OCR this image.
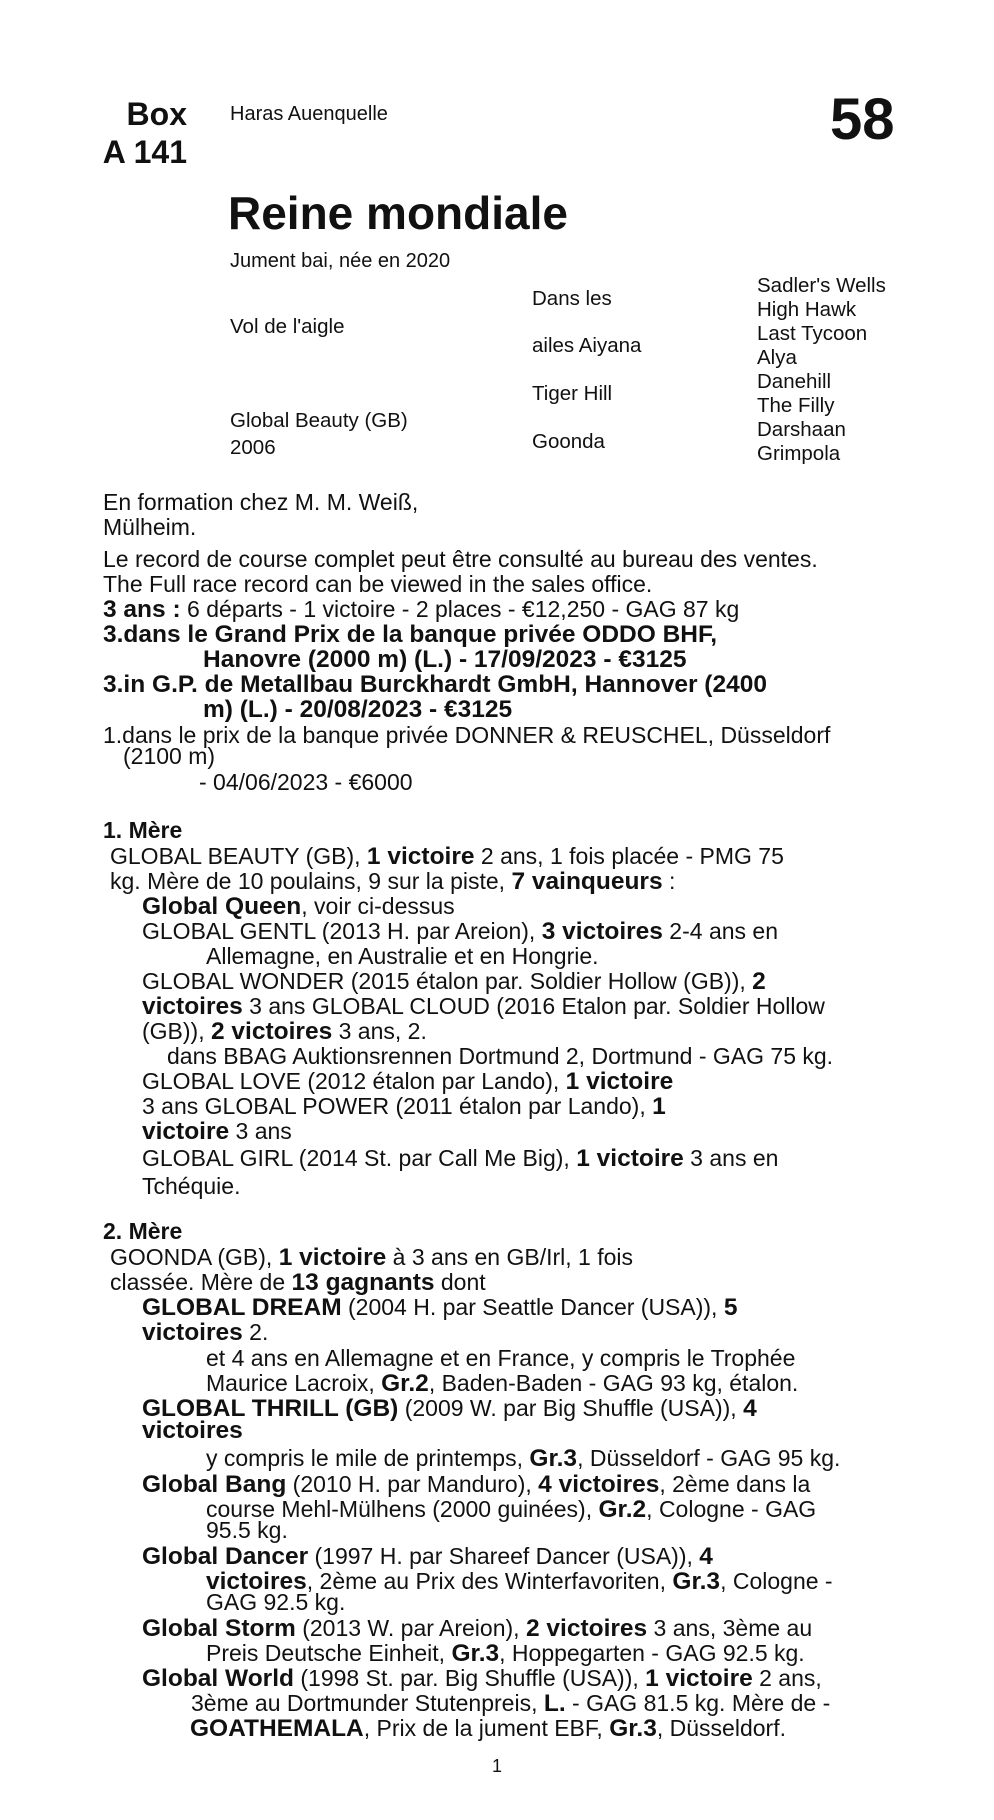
Box
A 141
Haras Auenquelle	58
Reine mondiale
Jument bai, née en 2020
Vol de l'aigle
Global Beauty (GB)
2006
Dans les
ailes Aiyana
Tiger Hill
Goonda
Sadler's Wells
High Hawk
Last Tycoon
Alya
Danehill
The Filly
Darshaan
Grimpola
En formation chez M. M. Weiß,
Mülheim.
Le record de course complet peut être consulté au bureau des ventes.
The Full race record can be viewed in the sales office.
3 ans : 6 départs - 1 victoire - 2 places - €12,250 - GAG 87 kg
3.dans le Grand Prix de la banque privée ODDO BHF,
Hanovre (2000 m) (L.) - 17/09/2023 - €3125
3.in G.P. de Metallbau Burckhardt GmbH, Hannover (2400
m) (L.) - 20/08/2023 - €3125
1.dans le prix de la banque privée DONNER & REUSCHEL, Düsseldorf
(2100 m)
- 04/06/2023 - €6000
1. Mère
GLOBAL BEAUTY (GB), 1 victoire 2 ans, 1 fois placée - PMG 75
kg. Mère de 10 poulains, 9 sur la piste, 7 vainqueurs :
Global Queen, voir ci-dessus
GLOBAL GENTL (2013 H. par Areion), 3 victoires 2-4 ans en
Allemagne, en Australie et en Hongrie.
GLOBAL WONDER (2015 étalon par. Soldier Hollow (GB)), 2
victoires 3 ans GLOBAL CLOUD (2016 Etalon par. Soldier Hollow
(GB)), 2 victoires 3 ans, 2.
dans BBAG Auktionsrennen Dortmund 2, Dortmund - GAG 75 kg.
GLOBAL LOVE (2012 étalon par Lando), 1 victoire
3 ans GLOBAL POWER (2011 étalon par Lando), 1
victoire 3 ans
GLOBAL GIRL (2014 St. par Call Me Big), 1 victoire 3 ans en
Tchéquie.
2. Mère
GOONDA (GB), 1 victoire à 3 ans en GB/Irl, 1 fois
classée. Mère de 13 gagnants dont
GLOBAL DREAM (2004 H. par Seattle Dancer (USA)), 5
victoires 2.
et 4 ans en Allemagne et en France, y compris le Trophée
Maurice Lacroix, Gr.2, Baden-Baden - GAG 93 kg, étalon.
GLOBAL THRILL (GB) (2009 W. par Big Shuffle (USA)), 4
victoires
y compris le mile de printemps, Gr.3, Düsseldorf - GAG 95 kg.
Global Bang (2010 H. par Manduro), 4 victoires, 2ème dans la
course Mehl-Mülhens (2000 guinées), Gr.2, Cologne - GAG
95.5 kg.
Global Dancer (1997 H. par Shareef Dancer (USA)), 4
victoires, 2ème au Prix des Winterfavoriten, Gr.3, Cologne -
GAG 92.5 kg.
Global Storm (2013 W. par Areion), 2 victoires 3 ans, 3ème au
Preis Deutsche Einheit, Gr.3, Hoppegarten - GAG 92.5 kg.
Global World (1998 St. par. Big Shuffle (USA)), 1 victoire 2 ans,
3ème au Dortmunder Stutenpreis, L. - GAG 81.5 kg. Mère de -
GOATHEMALA, Prix de la jument EBF, Gr.3, Düsseldorf.
1
